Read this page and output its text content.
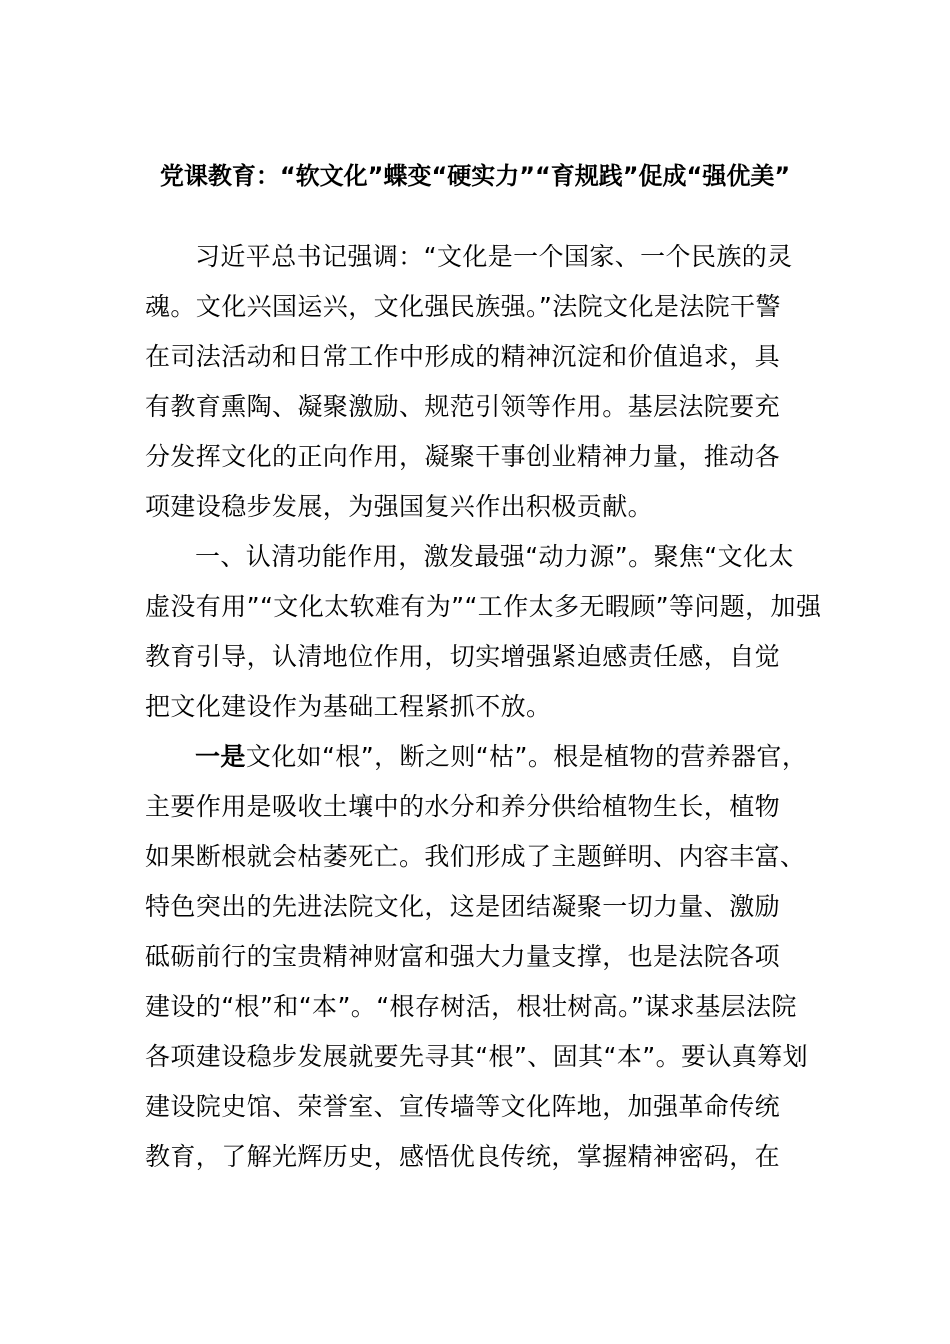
党课教育：“软文化”蝶变“硬实力”“育规践”促成“强优美”
习近平总书记强调：“文化是一个国家、一个民族的灵
魂。文化兴国运兴，文化强民族强。”法院文化是法院干警
在司法活动和日常工作中形成的精神沉淀和价值追求，具
有教育熏陶、凝聚激励、规范引领等作用。基层法院要充
分发挥文化的正向作用，凝聚干事创业精神力量，推动各
项建设稳步发展，为强国复兴作出积极贡献。
一、认清功能作用，激发最强“动力源”。聚焦“文化太
虚没有用”“文化太软难有为”“工作太多无暇顾”等问题，加强
教育引导，认清地位作用，切实增强紧迫感责任感，自觉
把文化建设作为基础工程紧抓不放。
一是文化如“根”，断之则“枯”。根是植物的营养器官，
主要作用是吸收土壤中的水分和养分供给植物生长，植物
如果断根就会枯萎死亡。我们形成了主题鲜明、内容丰富、
特色突出的先进法院文化，这是团结凝聚一切力量、激励
砥砺前行的宝贵精神财富和强大力量支撑，也是法院各项
建设的“根”和“本”。“根存树活，根壮树高。”谋求基层法院
各项建设稳步发展就要先寻其“根”、固其“本”。要认真筹划
建设院史馆、荣誉室、宣传墙等文化阵地，加强革命传统
教育，了解光辉历史，感悟优良传统，掌握精神密码，在
